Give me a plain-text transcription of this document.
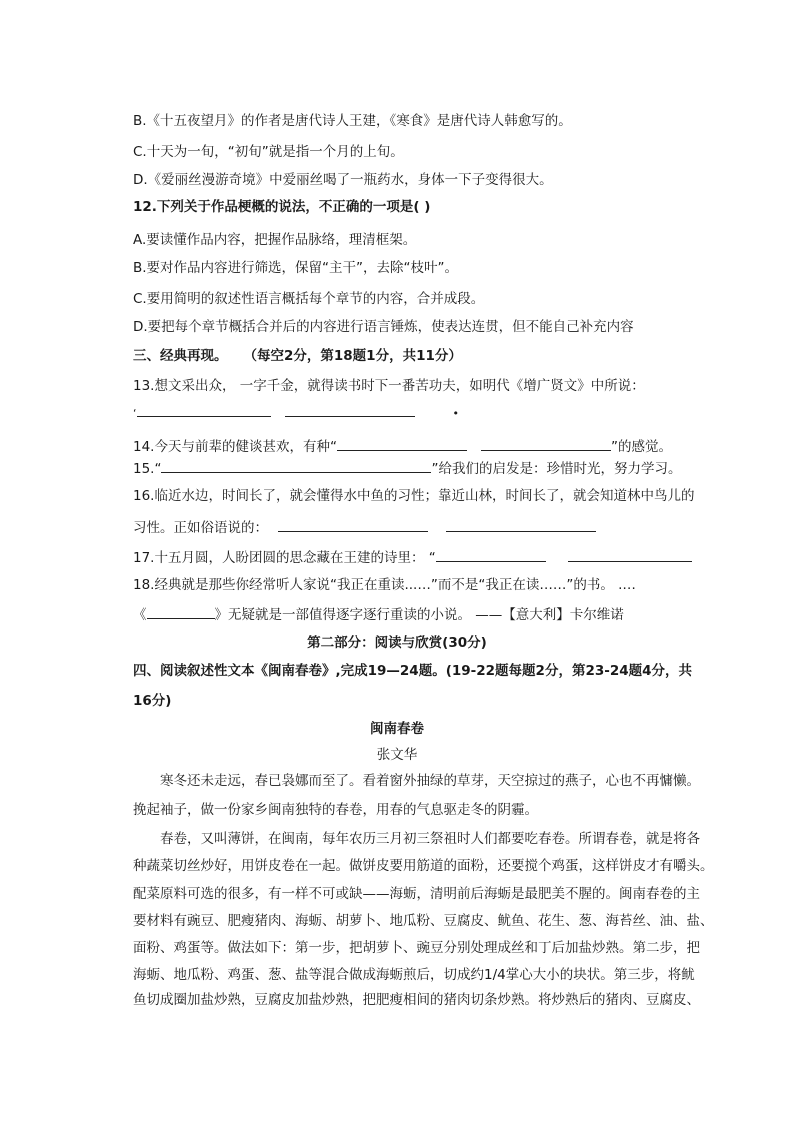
B.《十五夜望月》的作者是唐代诗人王建，《寒食》是唐代诗人韩愈写的。
C.十天为一旬，“初旬”就是指一个月的上旬。
D.《爱丽丝漫游奇境》中爱丽丝喝了一瓶药水，身体一下子变得很大。
12.下列关于作品梗概的说法，不正确的一项是( )
A.要读懂作品内容，把握作品脉络，理清框架。
B.要对作品内容进行筛选，保留“主干”，去除“枝叶”。
C.要用简明的叙述性语言概括每个章节的内容，合并成段。
D.要把每个章节概括合并后的内容进行语言锤炼，使表达连贯，但不能自己补充内容
三、经典再现。 （每空2分，第18题1分，共11分）
13.想文采出众， 一字千金，就得读书时下一番苦功夫，如明代《增广贤文》中所说：
‘	•
14.今天与前辈的健谈甚欢，有种“	”的感觉。
15.“	”给我们的启发是：珍惜时光，努力学习。
16.临近水边，时间长了，就会懂得水中鱼的习性；靠近山林，时间长了，就会知道林中鸟儿的
习性。正如俗语说的：
17.十五月圆，人盼团圆的思念藏在王建的诗里： “
18.经典就是那些你经常听人家说“我正在重读...…”而不是“我正在读……”的书。 .…
《	》无疑就是一部值得逐字逐行重读的小说。 ——【意大利】卡尔维诺
第二部分：阅读与欣赏(30分)
四、阅读叙述性文本《闽南春卷》,完成19—24题。(19-22题每题2分，第23-24题4分，共
16分)
闽南春卷
张文华
寒冬还未走远，春已袅娜而至了。看着窗外抽绿的草芽，天空掠过的燕子，心也不再慵懒。
挽起袖子，做一份家乡闽南独特的春卷，用春的气息驱走冬的阴霾。
春卷，又叫薄饼，在闽南，每年农历三月初三祭祖时人们都要吃春卷。所谓春卷，就是将各
种蔬菜切丝炒好，用饼皮卷在一起。做饼皮要用筋道的面粉，还要搅个鸡蛋，这样饼皮才有嚼头。
配菜原料可选的很多，有一样不可或缺——海蛎，清明前后海蛎是最肥美不腥的。闽南春卷的主
要材料有豌豆、肥瘦猪肉、海蛎、胡萝卜、地瓜粉、豆腐皮、鱿鱼、花生、葱、海苔丝、油、盐、
面粉、鸡蛋等。做法如下：第一步，把胡萝卜、豌豆分别处理成丝和丁后加盐炒熟。第二步，把
海蛎、地瓜粉、鸡蛋、葱、盐等混合做成海蛎煎后，切成约1/4掌心大小的块状。第三步，将鱿
鱼切成圈加盐炒熟，豆腐皮加盐炒熟，把肥瘦相间的猪肉切条炒熟。将炒熟后的猪肉、豆腐皮、
